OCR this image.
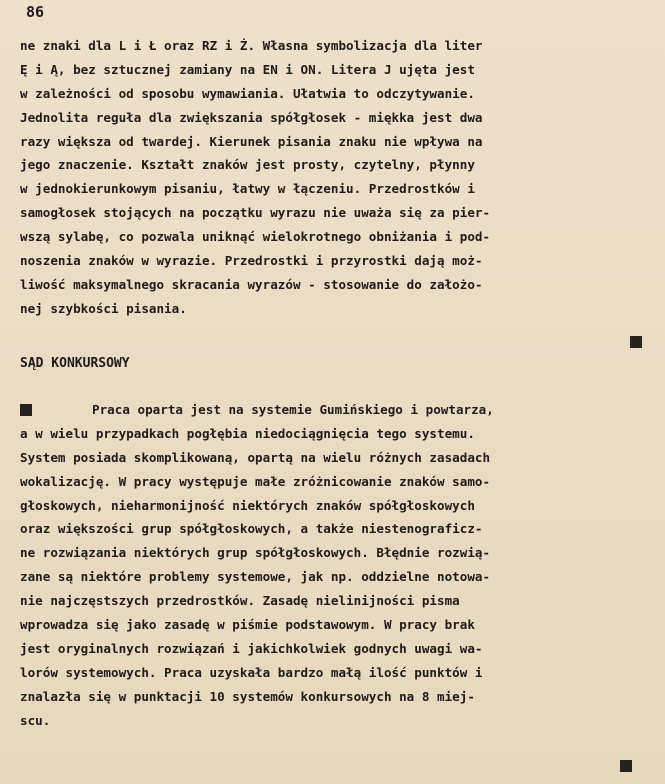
86
ne znaki dla L i Ł oraz RZ i Ż. Własna symbolizacja dla liter
Ę i Ą, bez sztucznej zamiany na EN i ON. Litera J ujęta jest
w zależności od sposobu wymawiania. Ułatwia to odczytywanie.
Jednolita reguła dla zwiększania spółgłosek - miękka jest dwa
razy większa od twardej. Kierunek pisania znaku nie wpływa na
jego znaczenie. Kształt znaków jest prosty, czytelny, płynny
w jednokierunkowym pisaniu, łatwy w łączeniu. Przedrostków i
samogłosek stojących na początku wyrazu nie uważa się za pier-
wszą sylabę, co pozwala uniknąć wielokrotnego obniżania i pod-
noszenia znaków w wyrazie. Przedrostki i przyrostki dają moż-
liwość maksymalnego skracania wyrazów - stosowanie do założo-
nej szybkości pisania.
SĄD KONKURSOWY
Praca oparta jest na systemie Gumińskiego i powtarza,
a w wielu przypadkach pogłębia niedociągnięcia tego systemu.
System posiada skomplikowaną, opartą na wielu różnych zasadach
wokalizację. W pracy występuje małe zróżnicowanie znaków samo-
głoskowych, nieharmonijność niektórych znaków spółgłoskowych
oraz większości grup spółgłoskowych, a także niestenograficz-
ne rozwiązania niektórych grup spółgłoskowych. Błędnie rozwią-
zane są niektóre problemy systemowe, jak np. oddzielne notowa-
nie najczęstszych przedrostków. Zasadę nielinijności pisma
wprowadza się jako zasadę w piśmie podstawowym. W pracy brak
jest oryginalnych rozwiązań i jakichkolwiek godnych uwagi wa-
lorów systemowych. Praca uzyskała bardzo małą ilość punktów i
znalazła się w punktacji 10 systemów konkursowych na 8 miej-
scu.
